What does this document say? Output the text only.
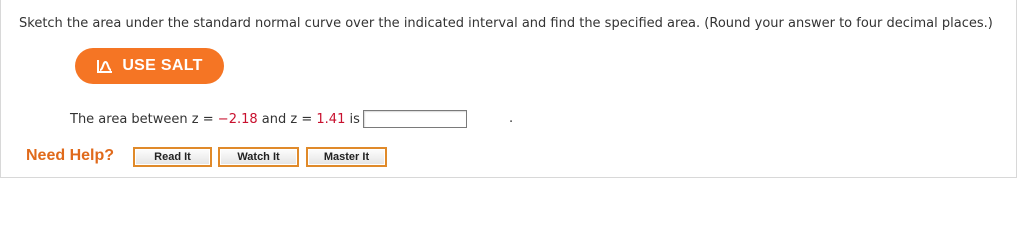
Sketch the area under the standard normal curve over the indicated interval and find the specified area. (Round your answer to four decimal places.)
USE SALT
The area between
z =
−2.18
and
z =
1.41
is	.
Need Help?	Read It	Watch It	Master It
